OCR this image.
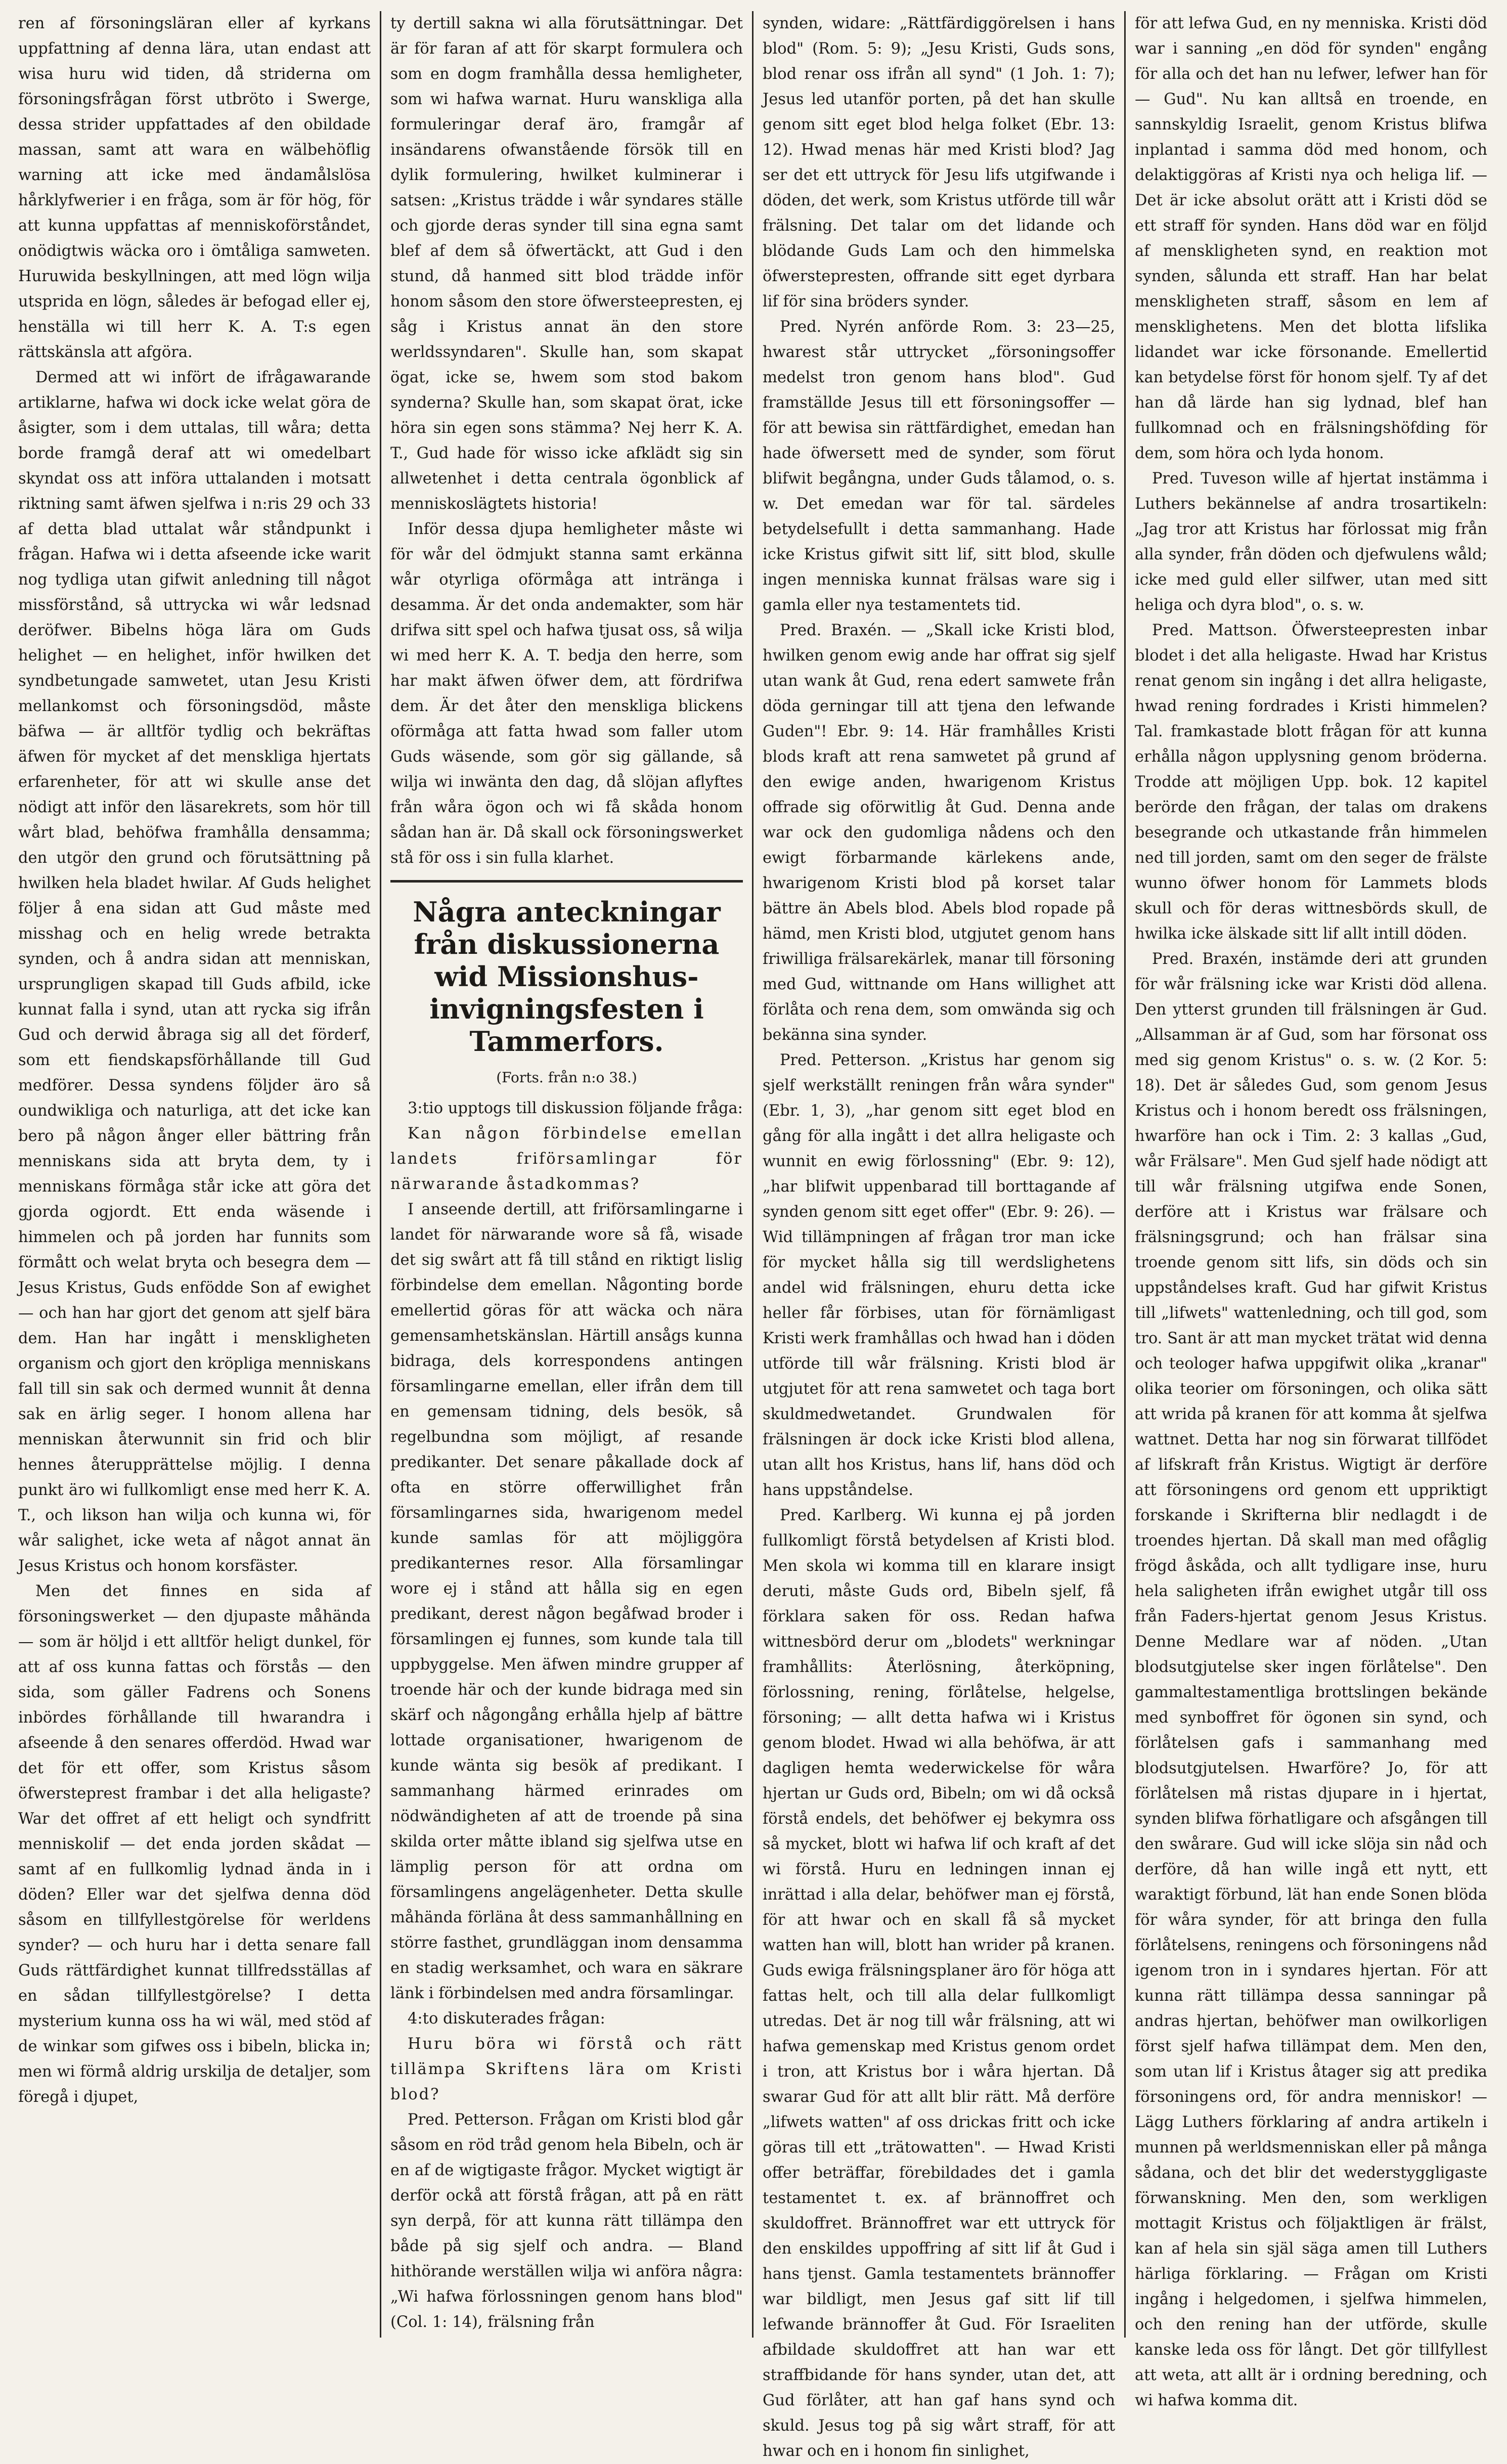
ren af försoningsläran eller af kyrkans uppfattning af denna lära, utan endast att wisa huru wid tiden, då striderna om försoningsfrågan först utbröto i Swerge, dessa strider uppfattades af den obildade massan, samt att wara en wälbehöflig warning att icke med ändamålslösa hårklyfwerier i en fråga, som är för hög, för att kunna uppfattas af menniskoförståndet, onödigtwis wäcka oro i ömtåliga samweten. Huruwida beskyllningen, att med lögn wilja utsprida en lögn, således är befogad eller ej, henställa wi till herr K. A. T:s egen rättskänsla att afgöra.

Dermed att wi infört de ifrågawarande artiklarne, hafwa wi dock icke welat göra de åsigter, som i dem uttalas, till wåra; detta borde framgå deraf att wi omedelbart skyndat oss att införa uttalanden i motsatt riktning samt äfwen sjelfwa i n:ris 29 och 33 af detta blad uttalat wår ståndpunkt i frågan. Hafwa wi i detta afseende icke warit nog tydliga utan gifwit anledning till något missförstånd, så uttrycka wi wår ledsnad deröfwer. Bibelns höga lära om Guds helighet — en helighet, inför hwilken det syndbetungade samwetet, utan Jesu Kristi mellankomst och försoningsdöd, måste bäfwa — är alltför tydlig och bekräftas äfwen för mycket af det menskliga hjertats erfarenheter, för att wi skulle anse det nödigt att inför den läsarekrets, som hör till wårt blad, behöfwa framhålla densamma; den utgör den grund och förutsättning på hwilken hela bladet hwilar. Af Guds helighet följer å ena sidan att Gud måste med misshag och en helig wrede betrakta synden, och å andra sidan att menniskan, ursprungligen skapad till Guds afbild, icke kunnat falla i synd, utan att rycka sig ifrån Gud och derwid åbraga sig all det förderf, som ett fiendskapsförhållande till Gud medförer. Dessa syndens följder äro så oundwikliga och naturliga, att det icke kan bero på någon ånger eller bättring från menniskans sida att bryta dem, ty i menniskans förmåga står icke att göra det gjorda ogjordt. Ett enda wäsende i himmelen och på jorden har funnits som förmått och welat bryta och besegra dem — Jesus Kristus, Guds enfödde Son af ewighet — och han har gjort det genom att sjelf bära dem. Han har ingått i menskligheten organism och gjort den kröpliga menniskans fall till sin sak och dermed wunnit åt denna sak en ärlig seger. I honom allena har menniskan återwunnit sin frid och blir hennes återupprättelse möjlig. I denna punkt äro wi fullkomligt ense med herr K. A. T., och likson han wilja och kunna wi, för wår salighet, icke weta af något annat än Jesus Kristus och honom korsfäster.

Men det finnes en sida af försoningswerket — den djupaste måhända — som är höljd i ett alltför heligt dunkel, för att af oss kunna fattas och förstås — den sida, som gäller Fadrens och Sonens inbördes förhållande till hwarandra i afseende å den senares offerdöd. Hwad war det för ett offer, som Kristus såsom öfwersteprest frambar i det alla heligaste? War det offret af ett heligt och syndfritt menniskolif — det enda jorden skådat — samt af en fullkomlig lydnad ända in i döden? Eller war det sjelfwa denna död såsom en tillfyllestgörelse för werldens synder? — och huru har i detta senare fall Guds rättfärdighet kunnat tillfredsställas af en sådan tillfyllestgörelse? I detta mysterium kunna oss ha wi wäl, med stöd af de winkar som gifwes oss i bibeln, blicka in; men wi förmå aldrig urskilja de detaljer, som föregå i djupet,

ty dertill sakna wi alla förutsättningar. Det är för faran af att för skarpt formulera och som en dogm framhålla dessa hemligheter, som wi hafwa warnat. Huru wanskliga alla formuleringar deraf äro, framgår af insändarens ofwanstående försök till en dylik formulering, hwilket kulminerar i satsen: „Kristus trädde i wår syndares ställe och gjorde deras synder till sina egna samt blef af dem så öfwertäckt, att Gud i den stund, då hanmed sitt blod trädde inför honom såsom den store öfwersteepresten, ej såg i Kristus annat än den store werldssyndaren". Skulle han, som skapat ögat, icke se, hwem som stod bakom synderna? Skulle han, som skapat örat, icke höra sin egen sons stämma? Nej herr K. A. T., Gud hade för wisso icke afklädt sig sin allwetenhet i detta centrala ögonblick af menniskoslägtets historia!

Inför dessa djupa hemligheter måste wi för wår del ödmjukt stanna samt erkänna wår otyrliga oförmåga att intränga i desamma. Är det onda andemakter, som här drifwa sitt spel och hafwa tjusat oss, så wilja wi med herr K. A. T. bedja den herre, som har makt äfwen öfwer dem, att fördrifwa dem. Är det åter den menskliga blickens oförmåga att fatta hwad som faller utom Guds wäsende, som gör sig gällande, så wilja wi inwänta den dag, då slöjan aflyftes från wåra ögon och wi få skåda honom sådan han är. Då skall ock försoningswerket stå för oss i sin fulla klarhet.

Några anteckningar från diskussionerna wid Missionshus-invigningsfesten i Tammerfors.
(Forts. från n:o 38.)

3:tio upptogs till diskussion följande fråga:

Kan någon förbindelse emellan landets friförsamlingar för närwarande åstadkommas?

I anseende dertill, att friförsamlingarne i landet för närwarande wore så få, wisade det sig swårt att få till stånd en riktigt lislig förbindelse dem emellan. Någonting borde emellertid göras för att wäcka och nära gemensamhetskänslan. Härtill ansågs kunna bidraga, dels korrespondens antingen församlingarne emellan, eller ifrån dem till en gemensam tidning, dels besök, så regelbundna som möjligt, af resande predikanter. Det senare påkallade dock af ofta en större offerwillighet från församlingarnes sida, hwarigenom medel kunde samlas för att möjliggöra predikanternes resor. Alla församlingar wore ej i stånd att hålla sig en egen predikant, derest någon begåfwad broder i församlingen ej funnes, som kunde tala till uppbyggelse. Men äfwen mindre grupper af troende här och der kunde bidraga med sin skärf och någongång erhålla hjelp af bättre lottade organisationer, hwarigenom de kunde wänta sig besök af predikant. I sammanhang härmed erinrades om nödwändigheten af att de troende på sina skilda orter måtte ibland sig sjelfwa utse en lämplig person för att ordna om församlingens angelägenheter. Detta skulle måhända förläna åt dess sammanhållning en större fasthet, grundläggan inom densamma en stadig werksamhet, och wara en säkrare länk i förbindelsen med andra församlingar.

4:to diskuterades frågan:

Huru böra wi förstå och rätt tillämpa Skriftens lära om Kristi blod?

Pred. Petterson. Frågan om Kristi blod går såsom en röd tråd genom hela Bibeln, och är en af de wigtigaste frågor. Mycket wigtigt är derför ockå att förstå frågan, att på en rätt syn derpå, för att kunna rätt tillämpa den både på sig sjelf och andra. — Bland hithörande werställen wilja wi anföra några: „Wi hafwa förlossningen genom hans blod" (Col. 1: 14), frälsning från

synden, widare: „Rättfärdiggörelsen i hans blod" (Rom. 5: 9); „Jesu Kristi, Guds sons, blod renar oss ifrån all synd" (1 Joh. 1: 7); Jesus led utanför porten, på det han skulle genom sitt eget blod helga folket (Ebr. 13: 12). Hwad menas här med Kristi blod? Jag ser det ett uttryck för Jesu lifs utgifwande i döden, det werk, som Kristus utförde till wår frälsning. Det talar om det lidande och blödande Guds Lam och den himmelska öfwerstepresten, offrande sitt eget dyrbara lif för sina bröders synder.

Pred. Nyrén anförde Rom. 3: 23—25, hwarest står uttrycket „försoningsoffer medelst tron genom hans blod". Gud framställde Jesus till ett försoningsoffer — för att bewisa sin rättfärdighet, emedan han hade öfwersett med de synder, som förut blifwit begångna, under Guds tålamod, o. s. w. Det emedan war för tal. särdeles betydelsefullt i detta sammanhang. Hade icke Kristus gifwit sitt lif, sitt blod, skulle ingen menniska kunnat frälsas ware sig i gamla eller nya testamentets tid.

Pred. Braxén. — „Skall icke Kristi blod, hwilken genom ewig ande har offrat sig sjelf utan wank åt Gud, rena edert samwete från döda gerningar till att tjena den lefwande Guden"! Ebr. 9: 14. Här framhålles Kristi blods kraft att rena samwetet på grund af den ewige anden, hwarigenom Kristus offrade sig oförwitlig åt Gud. Denna ande war ock den gudomliga nådens och den ewigt förbarmande kärlekens ande, hwarigenom Kristi blod på korset talar bättre än Abels blod. Abels blod ropade på hämd, men Kristi blod, utgjutet genom hans friwilliga frälsarekärlek, manar till försoning med Gud, wittnande om Hans willighet att förlåta och rena dem, som omwända sig och bekänna sina synder.

Pred. Petterson. „Kristus har genom sig sjelf werkställt reningen från wåra synder" (Ebr. 1, 3), „har genom sitt eget blod en gång för alla ingått i det allra heligaste och wunnit en ewig förlossning" (Ebr. 9: 12), „har blifwit uppenbarad till borttagande af synden genom sitt eget offer" (Ebr. 9: 26). — Wid tillämpningen af frågan tror man icke för mycket hålla sig till werdslighetens andel wid frälsningen, ehuru detta icke heller får förbises, utan för förnämligast Kristi werk framhållas och hwad han i döden utförde till wår frälsning. Kristi blod är utgjutet för att rena samwetet och taga bort skuldmedwetandet. Grundwalen för frälsningen är dock icke Kristi blod allena, utan allt hos Kristus, hans lif, hans död och hans uppståndelse.

Pred. Karlberg. Wi kunna ej på jorden fullkomligt förstå betydelsen af Kristi blod. Men skola wi komma till en klarare insigt deruti, måste Guds ord, Bibeln sjelf, få förklara saken för oss. Redan hafwa wittnesbörd derur om „blodets" werkningar framhållits: Återlösning, återköpning, förlossning, rening, förlåtelse, helgelse, försoning; — allt detta hafwa wi i Kristus genom blodet. Hwad wi alla behöfwa, är att dagligen hemta wederwickelse för wåra hjertan ur Guds ord, Bibeln; om wi då också förstå endels, det behöfwer ej bekymra oss så mycket, blott wi hafwa lif och kraft af det wi förstå. Huru en ledningen innan ej inrättad i alla delar, behöfwer man ej förstå, för att hwar och en skall få så mycket watten han will, blott han wrider på kranen. Guds ewiga frälsningsplaner äro för höga att fattas helt, och till alla delar fullkomligt utredas. Det är nog till wår frälsning, att wi hafwa gemenskap med Kristus genom ordet i tron, att Kristus bor i wåra hjertan. Då swarar Gud för att allt blir rätt. Må derföre „lifwets watten" af oss drickas fritt och icke göras till ett „trätowatten". — Hwad Kristi offer beträffar, förebildades det i gamla testamentet t. ex. af brännoffret och skuldoffret. Brännoffret war ett uttryck för den enskildes uppoffring af sitt lif åt Gud i hans tjenst. Gamla testamentets brännoffer war bildligt, men Jesus gaf sitt lif till lefwande brännoffer åt Gud. För Israeliten afbildade skuldoffret att han war ett straffbidande för hans synder, utan det, att Gud förlåter, att han gaf hans synd och skuld. Jesus tog på sig wårt straff, för att hwar och en i honom fin sinlighet,

för att lefwa Gud, en ny menniska. Kristi död war i sanning „en död för synden" engång för alla och det han nu lefwer, lefwer han för — Gud". Nu kan alltså en troende, en sannskyldig Israelit, genom Kristus blifwa inplantad i samma död med honom, och delaktiggöras af Kristi nya och heliga lif. — Det är icke absolut orätt att i Kristi död se ett straff för synden. Hans död war en följd af menskligheten synd, en reaktion mot synden, sålunda ett straff. Han har belat menskligheten straff, såsom en lem af mensklighetens. Men det blotta lifslika lidandet war icke försonande. Emellertid kan betydelse först för honom sjelf. Ty af det han då lärde han sig lydnad, blef han fullkomnad och en frälsningshöfding för dem, som höra och lyda honom.

Pred. Tuveson wille af hjertat instämma i Luthers bekännelse af andra trosartikeln: „Jag tror att Kristus har förlossat mig från alla synder, från döden och djefwulens wåld; icke med guld eller silfwer, utan med sitt heliga och dyra blod", o. s. w.

Pred. Mattson. Öfwersteepresten inbar blodet i det alla heligaste. Hwad har Kristus renat genom sin ingång i det allra heligaste, hwad rening fordrades i Kristi himmelen? Tal. framkastade blott frågan för att kunna erhålla någon upplysning genom bröderna. Trodde att möjligen Upp. bok. 12 kapitel berörde den frågan, der talas om drakens besegrande och utkastande från himmelen ned till jorden, samt om den seger de frälste wunno öfwer honom för Lammets blods skull och för deras wittnesbörds skull, de hwilka icke älskade sitt lif allt intill döden.

Pred. Braxén, instämde deri att grunden för wår frälsning icke war Kristi död allena. Den ytterst grunden till frälsningen är Gud. „Allsamman är af Gud, som har försonat oss med sig genom Kristus" o. s. w. (2 Kor. 5: 18). Det är således Gud, som genom Jesus Kristus och i honom beredt oss frälsningen, hwarföre han ock i Tim. 2: 3 kallas „Gud, wår Frälsare". Men Gud sjelf hade nödigt att till wår frälsning utgifwa ende Sonen, derföre att i Kristus war frälsare och frälsningsgrund; och han frälsar sina troende genom sitt lifs, sin döds och sin uppståndelses kraft. Gud har gifwit Kristus till „lifwets" wattenledning, och till god, som tro. Sant är att man mycket trätat wid denna och teologer hafwa uppgifwit olika „kranar" olika teorier om försoningen, och olika sätt att wrida på kranen för att komma åt sjelfwa wattnet. Detta har nog sin förwarat tillfödet af lifskraft från Kristus. Wigtigt är derföre att försoningens ord genom ett uppriktigt forskande i Skrifterna blir nedlagdt i de troendes hjertan. Då skall man med ofåglig frögd åskåda, och allt tydligare inse, huru hela saligheten ifrån ewighet utgår till oss från Faders-hjertat genom Jesus Kristus. Denne Medlare war af nöden. „Utan blodsutgjutelse sker ingen förlåtelse". Den gammaltestamentliga brottslingen bekände med synboffret för ögonen sin synd, och förlåtelsen gafs i sammanhang med blodsutgjutelsen. Hwarföre? Jo, för att förlåtelsen må ristas djupare in i hjertat, synden blifwa förhatligare och afsgången till den swårare. Gud will icke slöja sin nåd och derföre, då han wille ingå ett nytt, ett waraktigt förbund, lät han ende Sonen blöda för wåra synder, för att bringa den fulla förlåtelsens, reningens och försoningens nåd igenom tron in i syndares hjertan. För att kunna rätt tillämpa dessa sanningar på andras hjertan, behöfwer man owilkorligen först sjelf hafwa tillämpat dem. Men den, som utan lif i Kristus åtager sig att predika försoningens ord, för andra menniskor! — Lägg Luthers förklaring af andra artikeln i munnen på werldsmenniskan eller på många sådana, och det blir det wederstyggligaste förwanskning. Men den, som werkligen mottagit Kristus och följaktligen är frälst, kan af hela sin själ säga amen till Luthers härliga förklaring. — Frågan om Kristi ingång i helgedomen, i sjelfwa himmelen, och den rening han der utförde, skulle kanske leda oss för långt. Det gör tillfyllest att weta, att allt är i ordning beredning, och wi hafwa komma dit.
